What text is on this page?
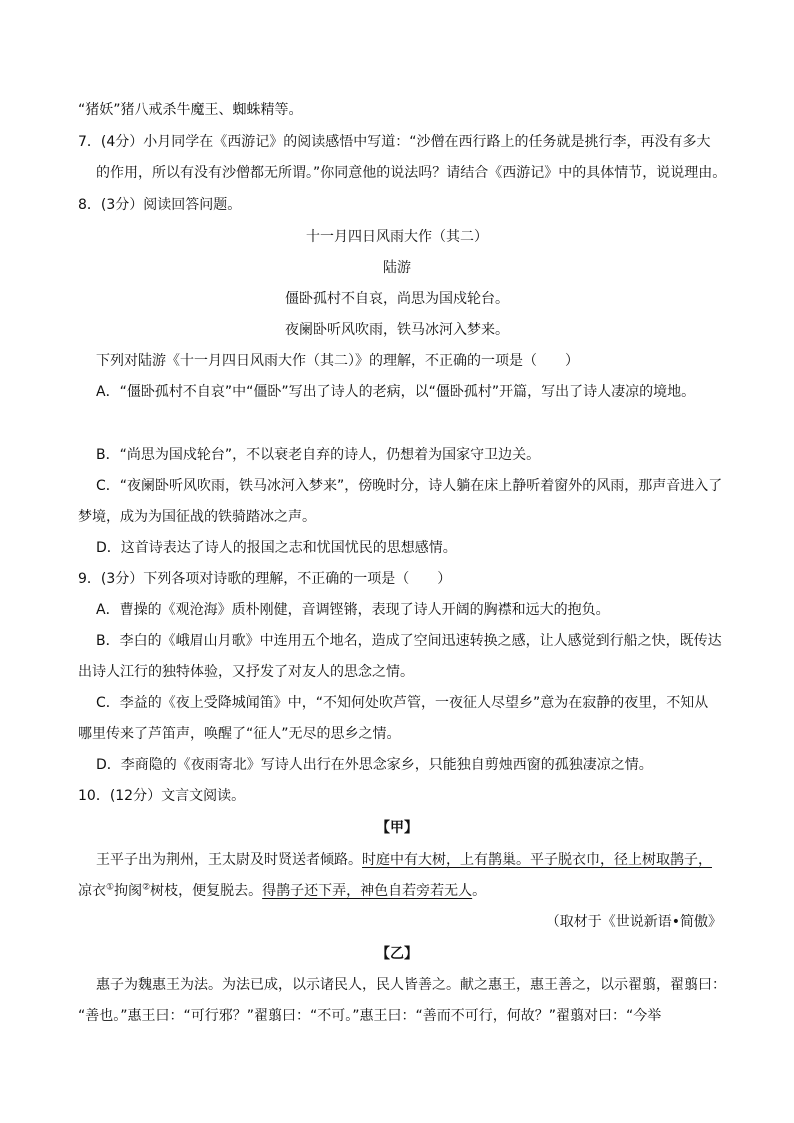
“猪妖”猪八戒杀牛魔王、蜘蛛精等。
7．(4分）小月同学在《西游记》的阅读感悟中写道：“沙僧在西行路上的任务就是挑行李，再没有多大
的作用，所以有没有沙僧都无所谓。”你同意他的说法吗？请结合《西游记》中的具体情节，说说理由。
8．(3分）阅读回答问题。
十一月四日风雨大作（其二）
陆游
僵卧孤村不自哀，尚思为国戍轮台。
夜阑卧听风吹雨，铁马冰河入梦来。
下列对陆游《十一月四日风雨大作（其二）》的理解，不正确的一项是（　　）
A．“僵卧孤村不自哀”中“僵卧”写出了诗人的老病，以“僵卧孤村”开篇，写出了诗人凄凉的境地。
B．“尚思为国戍轮台”，不以衰老自弃的诗人，仍想着为国家守卫边关。
C．“夜阑卧听风吹雨，铁马冰河入梦来”，傍晚时分，诗人躺在床上静听着窗外的风雨，那声音进入了
梦境，成为为国征战的铁骑踏冰之声。
D．这首诗表达了诗人的报国之志和忧国忧民的思想感情。
9．(3分）下列各项对诗歌的理解，不正确的一项是（　　）
A．曹操的《观沧海》质朴刚健，音调铿锵，表现了诗人开阔的胸襟和远大的抱负。
B．李白的《峨眉山月歌》中连用五个地名，造成了空间迅速转换之感，让人感觉到行船之快，既传达
出诗人江行的独特体验，又抒发了对友人的思念之情。
C．李益的《夜上受降城闻笛》中，“不知何处吹芦管，一夜征人尽望乡”意为在寂静的夜里，不知从
哪里传来了芦笛声，唤醒了“征人”无尽的思乡之情。
D．李商隐的《夜雨寄北》写诗人出行在外思念家乡，只能独自剪烛西窗的孤独凄凉之情。
10．(12分）文言文阅读。
【甲】
王平子出为荆州，王太尉及时贤送者倾路。时庭中有大树，上有鹊巢。平子脱衣巾，径上树取鹊子，
凉衣①拘阂②树枝，便复脱去。得鹊子还下弄，神色自若旁若无人。
（取材于《世说新语•简傲》
【乙】
惠子为魏惠王为法。为法已成，以示诸民人，民人皆善之。献之惠王，惠王善之，以示翟翦，翟翦曰：
“善也。”惠王曰：“可行邪？”翟翦曰：“不可。”惠王曰：“善而不可行，何故？”翟翦对曰：“今举
